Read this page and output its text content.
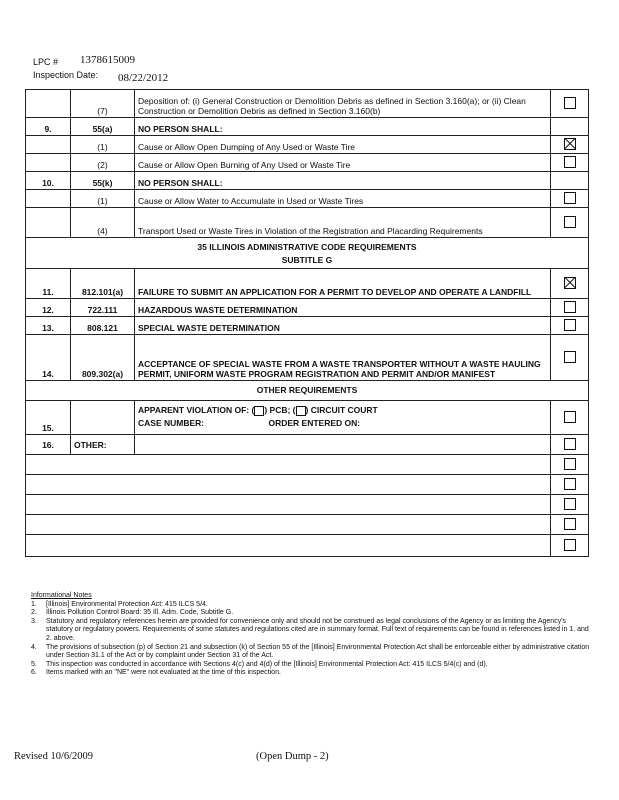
LPC # 1378615009
Inspection Date: 08/22/2012
	(7)	Deposition of: (i) General Construction or Demolition Debris as defined in Section 3.160(a); or (ii) Clean Construction or Demolition Debris as defined in Section 3.160(b)	
9.	55(a)	NO PERSON SHALL:	
	(1)	Cause or Allow Open Dumping of Any Used or Waste Tire	
	(2)	Cause or Allow Open Burning of Any Used or Waste Tire	
10.	55(k)	NO PERSON SHALL:	
	(1)	Cause or Allow Water to Accumulate in Used or Waste Tires	
	(4)	Transport Used or Waste Tires in Violation of the Registration and Placarding Requirements	

35 ILLINOIS ADMINISTRATIVE CODE REQUIREMENTS
SUBTITLE G			

11.	812.101(a)	FAILURE TO SUBMIT AN APPLICATION FOR A PERMIT TO DEVELOP AND OPERATE A LANDFILL	
12.	722.111	HAZARDOUS WASTE DETERMINATION	
13.	808.121	SPECIAL WASTE DETERMINATION	
14.	809.302(a)	ACCEPTANCE OF SPECIAL WASTE FROM A WASTE TRANSPORTER WITHOUT A WASTE HAULING PERMIT, UNIFORM WASTE PROGRAM REGISTRATION AND PERMIT AND/OR MANIFEST	
OTHER REQUIREMENTS			
15.		APPARENT VIOLATION OF: ( ) PCB; ( ) CIRCUIT COURT
CASE NUMBER: ORDER ENTERED ON:	

16.	OTHER:		

Informational Notes
1.	[Illinois] Environmental Protection Act: 415 ILCS 5/4.
2.	Illinois Pollution Control Board: 35 Ill. Adm. Code, Subtitle G.
3.	Statutory and regulatory references herein are provided for convenience only and should not be construed as legal conclusions of the Agency or as limiting the Agency's statutory or regulatory powers. Requirements of some statutes and regulations cited are in summary format. Full text of requirements can be found in references listed in 1. and 2. above.
4.	The provisions of subsection (p) of Section 21 and subsection (k) of Section 55 of the [Illinois] Environmental Protection Act shall be enforceable either by administrative citation under Section 31.1 of the Act or by complaint under Section 31 of the Act.
5.	This inspection was conducted in accordance with Sections 4(c) and 4(d) of the [Illinois] Environmental Protection Act: 415 ILCS 5/4(c) and (d).
6.	Items marked with an "NE" were not evaluated at the time of this inspection.
Revised 10/6/2009	(Open Dump - 2)
